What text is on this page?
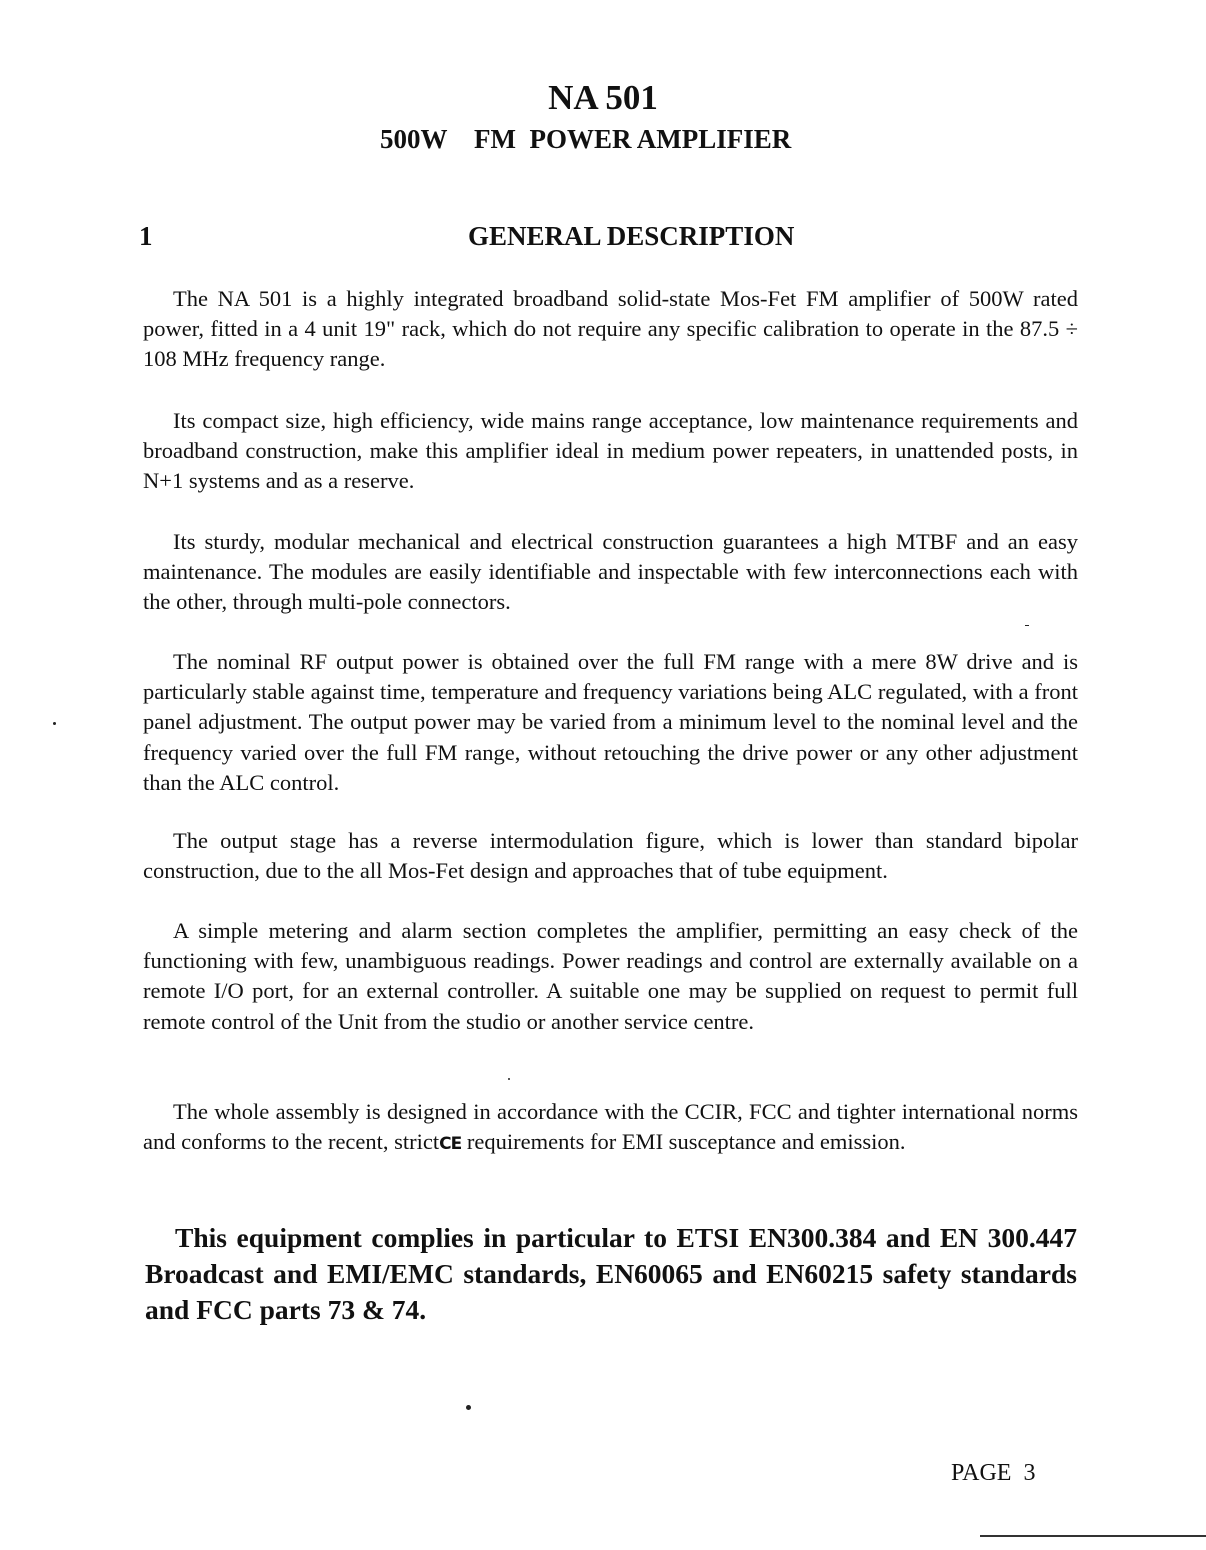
NA 501
500W    FM  POWER AMPLIFIER
1	GENERAL DESCRIPTION

The NA 501 is a highly integrated broadband solid-state Mos-Fet FM amplifier of 500W rated power, fitted in a 4 unit 19" rack, which do not require any specific calibration to operate in the 87.5 ÷ 108 MHz frequency range.

Its compact size, high efficiency, wide mains range acceptance, low maintenance requirements and broadband construction, make this amplifier ideal in medium power repeaters, in unattended posts, in N+1 systems and as a reserve.

Its sturdy, modular mechanical and electrical construction guarantees a high MTBF and an easy maintenance. The modules are easily identifiable and inspectable with few interconnections each with the other, through multi-pole connectors.

The nominal RF output power is obtained over the full FM range with a mere 8W drive and is particularly stable against time, temperature and frequency variations being ALC regulated, with a front panel adjustment. The output power may be varied from a minimum level to the nominal level and the frequency varied over the full FM range, without retouching the drive power or any other adjustment than the ALC control.

The output stage has a reverse intermodulation figure, which is lower than standard bipolar construction, due to the all Mos-Fet design and approaches that of tube equipment.

A simple metering and alarm section completes the amplifier, permitting an easy check of the functioning with few, unambiguous readings. Power readings and control are externally available on a remote I/O port, for an external controller. A suitable one may be supplied on request to permit full remote control of the Unit from the studio or another service centre.

The whole assembly is designed in accordance with the CCIR, FCC and tighter international norms and conforms to the recent, strictCE requirements for EMI susceptance and emission.

This equipment complies in particular to ETSI EN300.384 and EN 300.447 Broadcast and EMI/EMC standards, EN60065 and EN60215 safety standards and FCC parts 73 & 74.

PAGE  3
